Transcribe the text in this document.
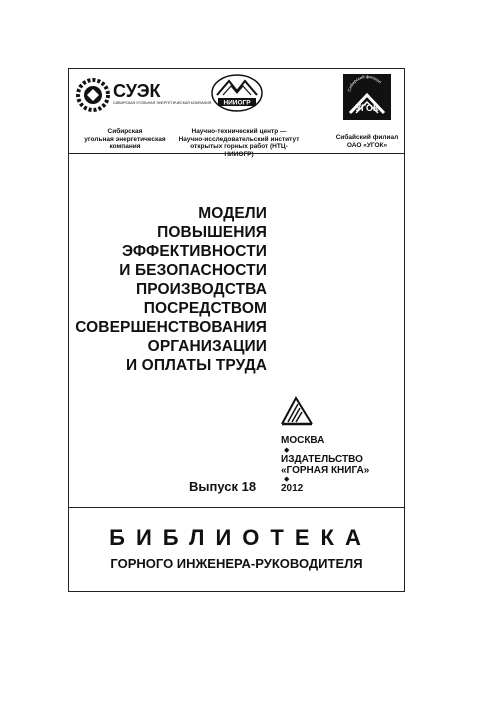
СУЭК
СИБИРСКАЯ УГОЛЬНАЯ ЭНЕРГЕТИЧЕСКАЯ КОМПАНИЯ НИИОГР
Сибирский филиал
УГОК
Сибирская
угольная энергетическая
компания
Научно-технический центр —
Научно-исследовательский институт
открытых горных работ (НТЦ-НИИОГР)
Сибайский филиал
ОАО «УГОК»
МОДЕЛИ
ПОВЫШЕНИЯ
ЭФФЕКТИВНОСТИ
И БЕЗОПАСНОСТИ
ПРОИЗВОДСТВА
ПОСРЕДСТВОМ
СОВЕРШЕНСТВОВАНИЯ
ОРГАНИЗАЦИИ
И ОПЛАТЫ ТРУДА
МОСКВА
◆
ИЗДАТЕЛЬСТВО
«ГОРНАЯ КНИГА»
◆
2012
Выпуск 18
БИБЛИОТЕКА
ГОРНОГО ИНЖЕНЕРА-РУКОВОДИТЕЛЯ
